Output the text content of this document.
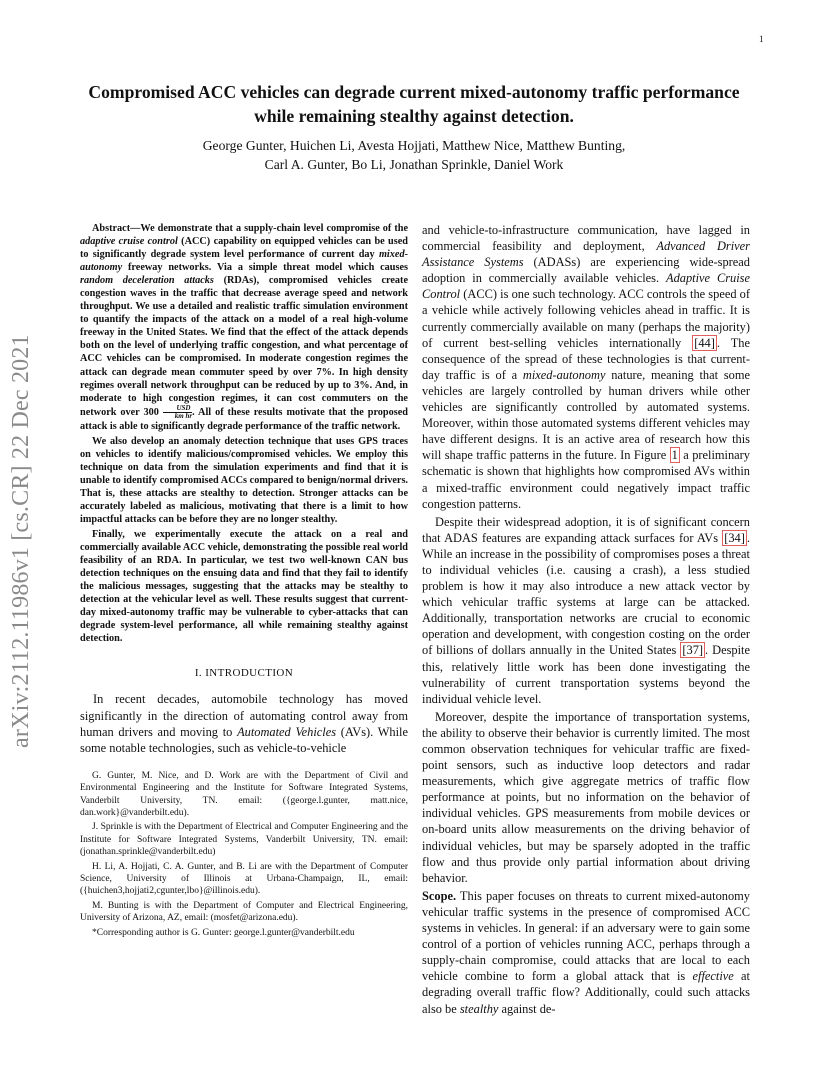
1
arXiv:2112.11986v1 [cs.CR] 22 Dec 2021
Compromised ACC vehicles can degrade current mixed-autonomy traffic performance while remaining stealthy against detection.
George Gunter, Huichen Li, Avesta Hojjati, Matthew Nice, Matthew Bunting,
Carl A. Gunter, Bo Li, Jonathan Sprinkle, Daniel Work

Abstract—We demonstrate that a supply-chain level compromise of the adaptive cruise control (ACC) capability on equipped vehicles can be used to significantly degrade system level performance of current day mixed-autonomy freeway networks. Via a simple threat model which causes random deceleration attacks (RDAs), compromised vehicles create congestion waves in the traffic that decrease average speed and network throughput. We use a detailed and realistic traffic simulation environment to quantify the impacts of the attack on a model of a real high-volume freeway in the United States. We find that the effect of the attack depends both on the level of underlying traffic congestion, and what percentage of ACC vehicles can be compromised. In moderate congestion regimes the attack can degrade mean commuter speed by over 7%. In high density regimes overall network throughput can be reduced by up to 3%. And, in moderate to high congestion regimes, it can cost commuters on the network over $300 \frac{\text{USD}}{\text{km hr}}$ . All of these results motivate that the proposed attack is able to significantly degrade performance of the traffic network.

We also develop an anomaly detection technique that uses GPS traces on vehicles to identify malicious/compromised vehicles. We employ this technique on data from the simulation experiments and find that it is unable to identify compromised ACCs compared to benign/normal drivers. That is, these attacks are stealthy to detection. Stronger attacks can be accurately labeled as malicious, motivating that there is a limit to how impactful attacks can be before they are no longer stealthy.

Finally, we experimentally execute the attack on a real and commercially available ACC vehicle, demonstrating the possible real world feasibility of an RDA. In particular, we test two well-known CAN bus detection techniques on the ensuing data and find that they fail to identify the malicious messages, suggesting that the attacks may be stealthy to detection at the vehicular level as well. These results suggest that current-day mixed-autonomy traffic may be vulnerable to cyber-attacks that can degrade system-level performance, all while remaining stealthy against detection.

I. INTRODUCTION

In recent decades, automobile technology has moved significantly in the direction of automating control away from human drivers and moving to Automated Vehicles (AVs). While some notable technologies, such as vehicle-to-vehicle

G. Gunter, M. Nice, and D. Work are with the Department of Civil and Environmental Engineering and the Institute for Software Integrated Systems, Vanderbilt University, TN. email: ({george.l.gunter, matt.nice, dan.work}@vanderbilt.edu).

J. Sprinkle is with the Department of Electrical and Computer Engineering and the Institute for Software Integrated Systems, Vanderbilt University, TN. email: (jonathan.sprinkle@vanderbilt.edu)

H. Li, A. Hojjati, C. A. Gunter, and B. Li are with the Department of Computer Science, University of Illinois at Urbana-Champaign, IL, email: ({huichen3,hojjati2,cgunter,lbo}@illinois.edu).

M. Bunting is with the Department of Computer and Electrical Engineering, University of Arizona, AZ, email: (mosfet@arizona.edu).

*Corresponding author is G. Gunter: george.l.gunter@vanderbilt.edu

and vehicle-to-infrastructure communication, have lagged in commercial feasibility and deployment, Advanced Driver Assistance Systems (ADASs) are experiencing wide-spread adoption in commercially available vehicles. Adaptive Cruise Control (ACC) is one such technology. ACC controls the speed of a vehicle while actively following vehicles ahead in traffic. It is currently commercially available on many (perhaps the majority) of current best-selling vehicles internationally [44] . The consequence of the spread of these technologies is that current-day traffic is of a mixed-autonomy nature, meaning that some vehicles are largely controlled by human drivers while other vehicles are significantly controlled by automated systems. Moreover, within those automated systems different vehicles may have different designs. It is an active area of research how this will shape traffic patterns in the future. In Figure 1 a preliminary schematic is shown that highlights how compromised AVs within a mixed-traffic environment could negatively impact traffic congestion patterns.

Despite their widespread adoption, it is of significant concern that ADAS features are expanding attack surfaces for AVs [34] . While an increase in the possibility of compromises poses a threat to individual vehicles (i.e. causing a crash), a less studied problem is how it may also introduce a new attack vector by which vehicular traffic systems at large can be attacked. Additionally, transportation networks are crucial to economic operation and development, with congestion costing on the order of billions of dollars annually in the United States [37] . Despite this, relatively little work has been done investigating the vulnerability of current transportation systems beyond the individual vehicle level.

Moreover, despite the importance of transportation systems, the ability to observe their behavior is currently limited. The most common observation techniques for vehicular traffic are fixed-point sensors, such as inductive loop detectors and radar measurements, which give aggregate metrics of traffic flow performance at points, but no information on the behavior of individual vehicles. GPS measurements from mobile devices or on-board units allow measurements on the driving behavior of individual vehicles, but may be sparsely adopted in the traffic flow and thus provide only partial information about driving behavior.

Scope. This paper focuses on threats to current mixed-autonomy vehicular traffic systems in the presence of compromised ACC systems in vehicles. In general: if an adversary were to gain some control of a portion of vehicles running ACC, perhaps through a supply-chain compromise, could attacks that are local to each vehicle combine to form a global attack that is effective at degrading overall traffic flow? Additionally, could such attacks also be stealthy against de-
